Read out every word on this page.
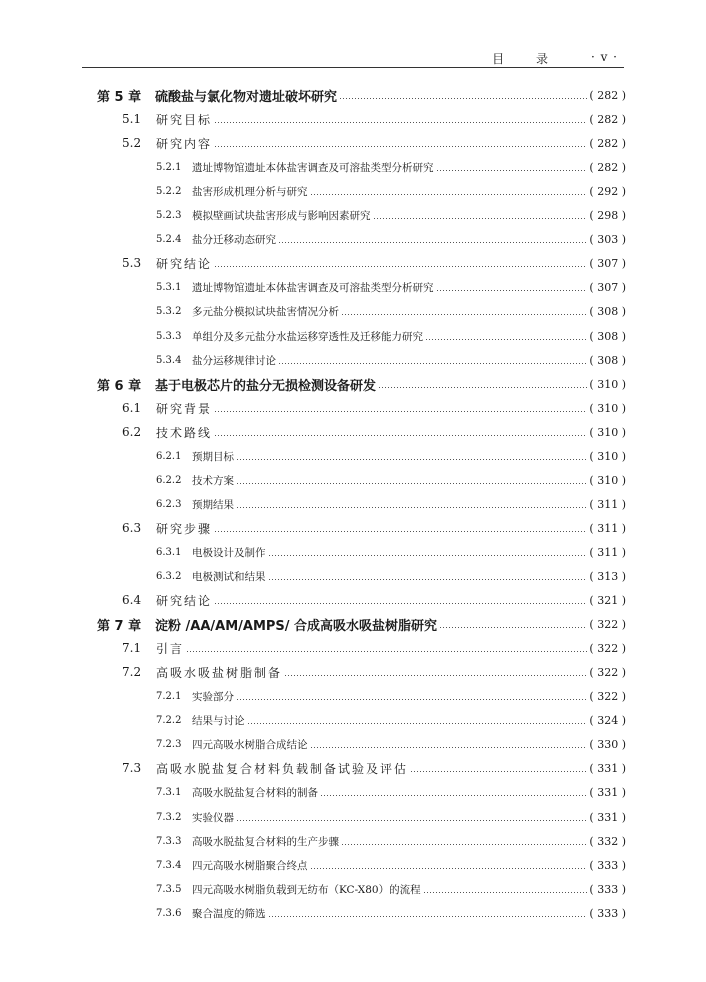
目 录 · v ·
第 5 章 硫酸盐与氯化物对遗址破坏研究	( 282 )
5.1 研究目标	( 282 )
5.2 研究内容	( 282 )
5.2.1 遗址博物馆遗址本体盐害调查及可溶盐类型分析研究	( 282 )
5.2.2 盐害形成机理分析与研究	( 292 )
5.2.3 模拟壁画试块盐害形成与影响因素研究	( 298 )
5.2.4 盐分迁移动态研究	( 303 )
5.3 研究结论	( 307 )
5.3.1 遗址博物馆遗址本体盐害调查及可溶盐类型分析研究	( 307 )
5.3.2 多元盐分模拟试块盐害情况分析	( 308 )
5.3.3 单组分及多元盐分水盐运移穿透性及迁移能力研究	( 308 )
5.3.4 盐分运移规律讨论	( 308 )
第 6 章 基于电极芯片的盐分无损检测设备研发	( 310 )
6.1 研究背景	( 310 )
6.2 技术路线	( 310 )
6.2.1 预期目标	( 310 )
6.2.2 技术方案	( 310 )
6.2.3 预期结果	( 311 )
6.3 研究步骤	( 311 )
6.3.1 电极设计及制作	( 311 )
6.3.2 电极测试和结果	( 313 )
6.4 研究结论	( 321 )
第 7 章 淀粉 /AA/AM/AMPS/ 合成高吸水吸盐树脂研究	( 322 )
7.1 引言	( 322 )
7.2 高吸水吸盐树脂制备	( 322 )
7.2.1 实验部分	( 322 )
7.2.2 结果与讨论	( 324 )
7.2.3 四元高吸水树脂合成结论	( 330 )
7.3 高吸水脱盐复合材料负载制备试验及评估	( 331 )
7.3.1 高吸水脱盐复合材料的制备	( 331 )
7.3.2 实验仪器	( 331 )
7.3.3 高吸水脱盐复合材料的生产步骤	( 332 )
7.3.4 四元高吸水树脂聚合终点	( 333 )
7.3.5 四元高吸水树脂负载到无纺布（KC-X80）的流程	( 333 )
7.3.6 聚合温度的筛选	( 333 )
